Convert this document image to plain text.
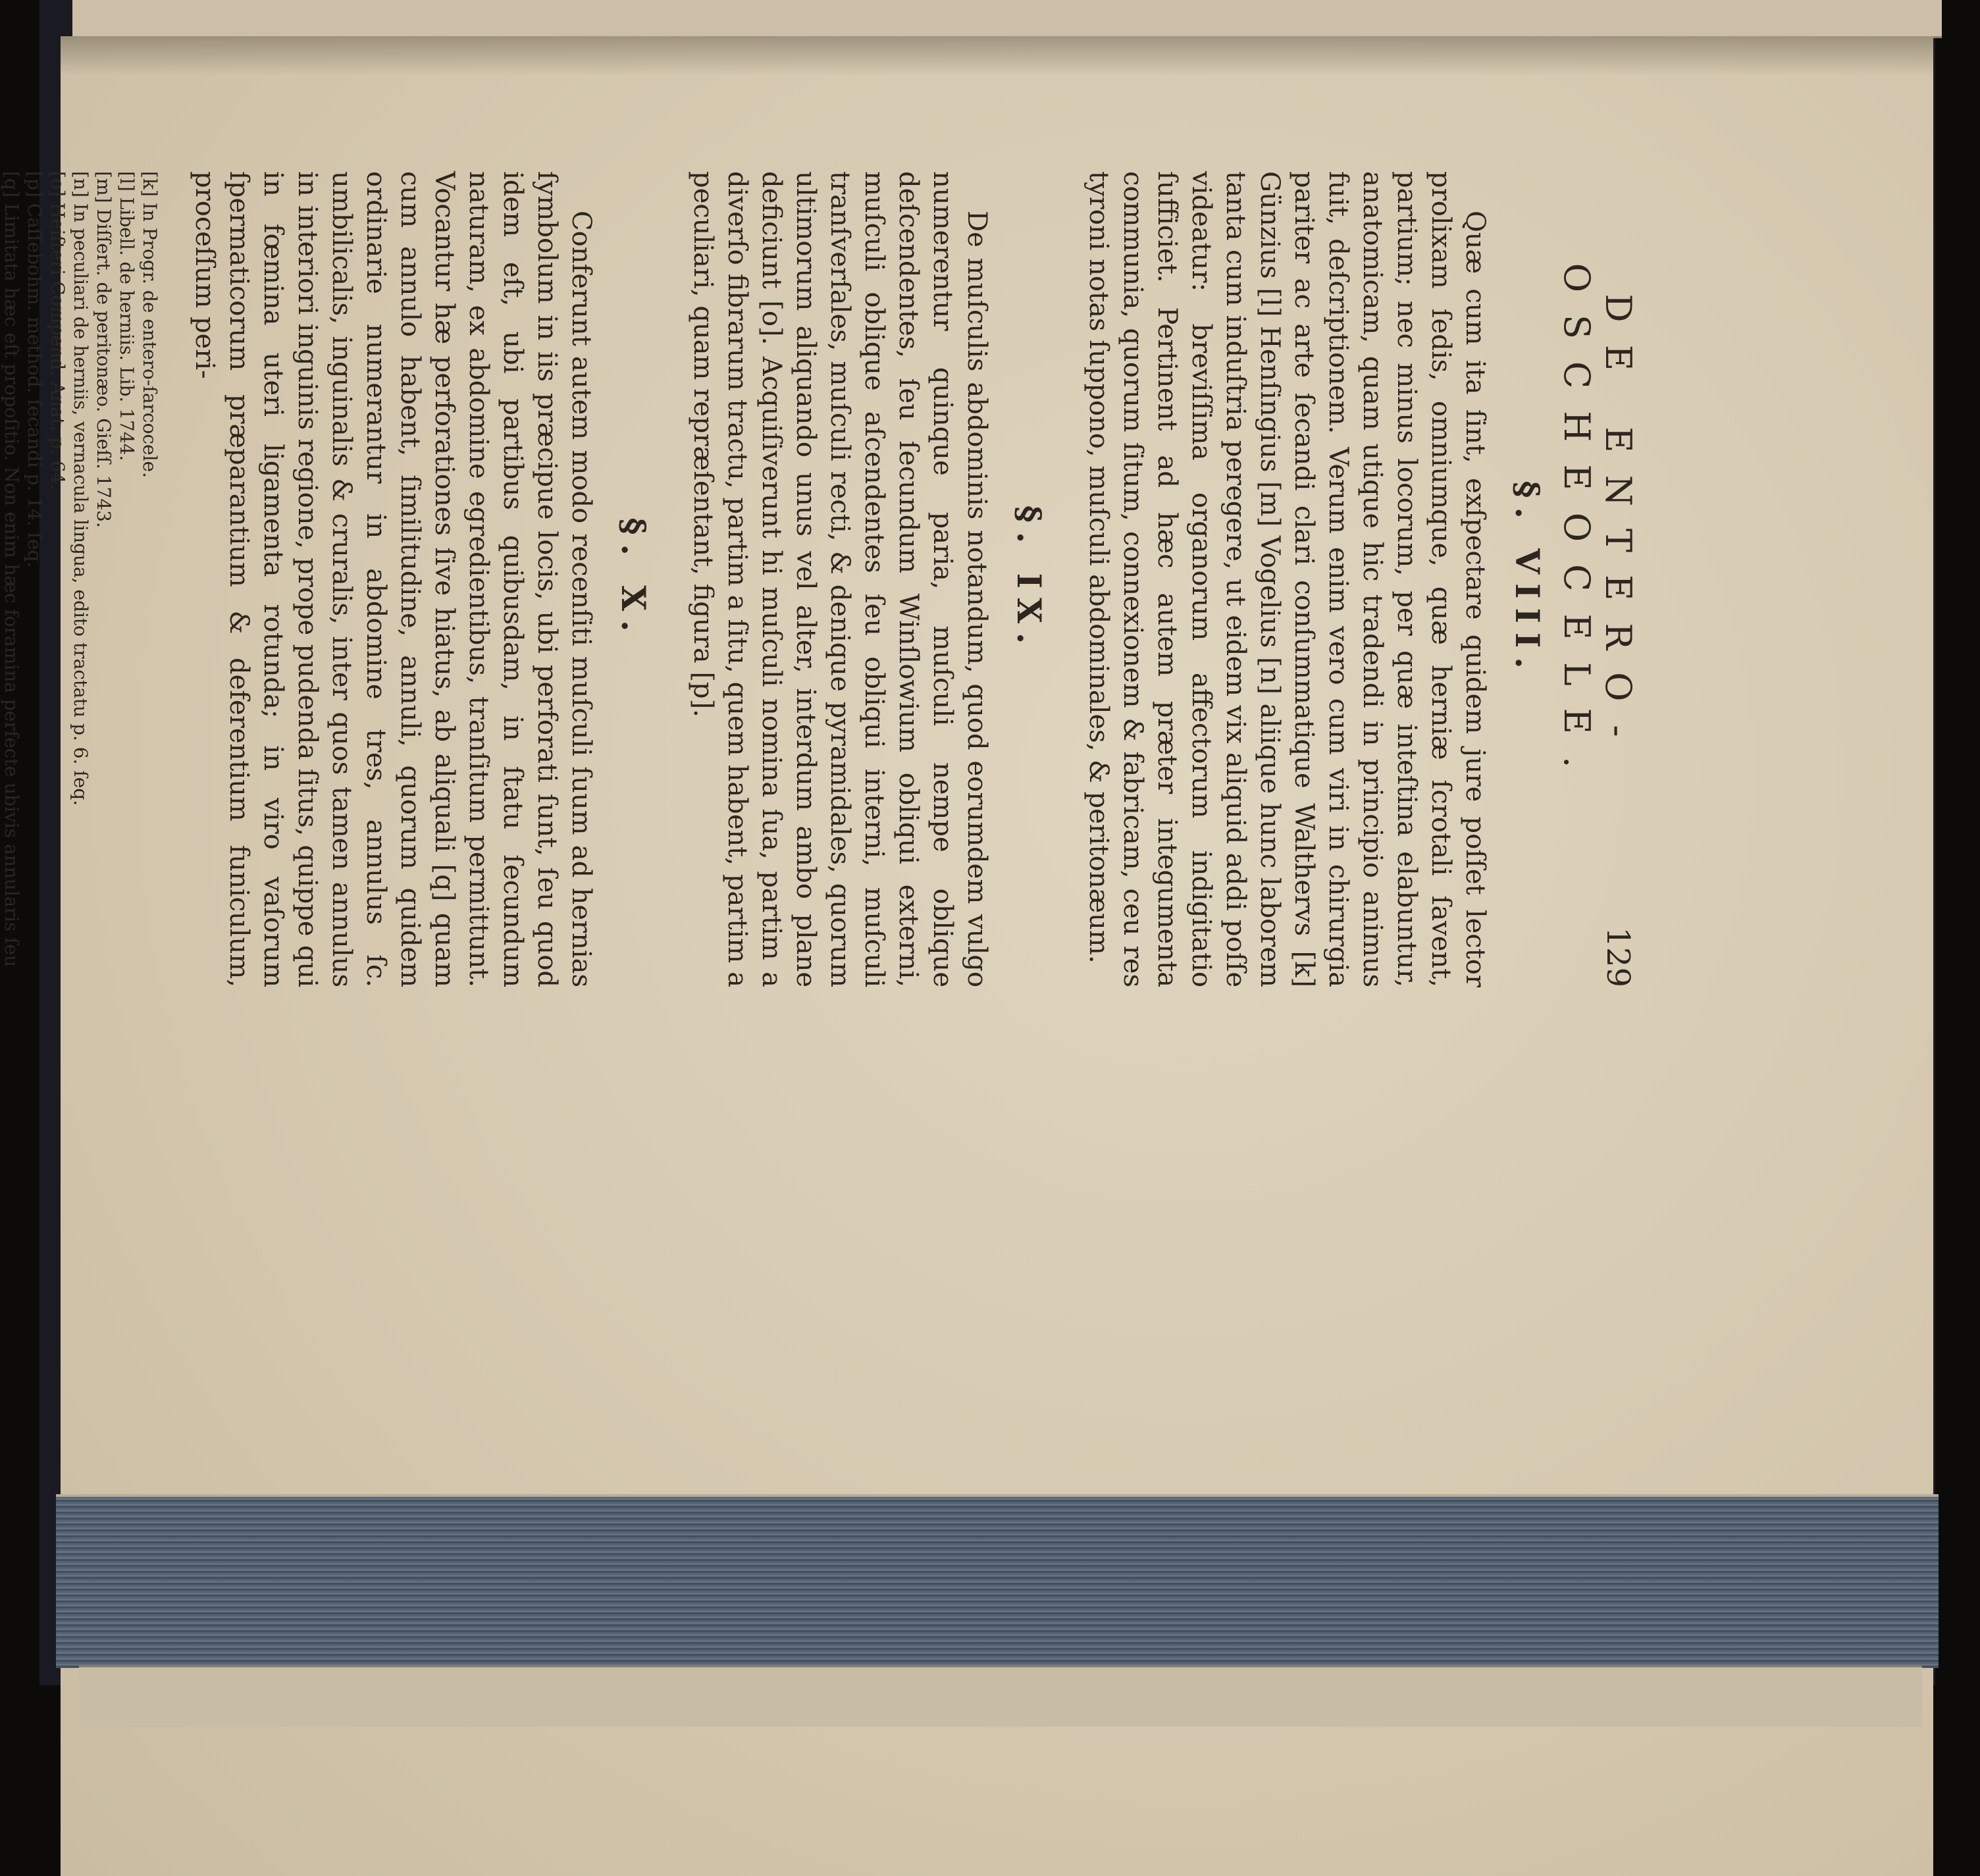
DE ENTERO-OSCHEOCELE.
129
§. VIII.

Quæ cum ita ſint, exſpectare quidem jure poſſet lector prolixam ſedis, omniumque, quæ herniæ ſcrotali ſavent, partium; nec minus locorum, per quæ inteſtina elabuntur, anatomicam, quam utique hic tradendi in principio animus fuit, deſcriptionem. Verum enim vero cum viri in chirurgia pariter ac arte ſecandi clari conſummatique Walthervs [k] Günzius [l] Henſingius [m] Vogelius [n] aliique hunc laborem tanta cum induſtria peregere, ut eidem vix aliquid addi poſſe videatur: breviſſima organorum affectorum indigitatio ſufficiet. Pertinent ad hæc autem præter integumenta communia, quorum ſitum, connexionem & fabricam, ceu res tyroni notas ſuppono, muſculi abdominales, & peritonæum.

§. IX.

De muſculis abdominis notandum, quod eorumdem vulgo numerentur quinque paria, muſculi nempe oblique deſcendentes, ſeu ſecundum Winſlowium obliqui externi, muſculi oblique aſcendentes ſeu obliqui interni, muſculi tranſverſales, muſculi recti, & denique pyramidales, quorum ultimorum aliquando unus vel alter, interdum ambo plane deficiunt [o]. Acquiſiverunt hi muſculi nomina ſua, partim a diverſo fibrarum tractu, partim a ſitu, quem habent, partim a peculiari, quam repræſentant, figura [p].

§. X.

Conferunt autem modo recenſiti muſculi ſuum ad hernias ſymbolum in iis præcipue locis, ubi perforati ſunt, ſeu quod idem eſt, ubi partibus quibusdam, in ſtatu ſecundum naturam, ex abdomine egredientibus, tranſitum permittunt. Vocantur hæ perforationes ſive hiatus, ab aliquali [q] quam cum annulo habent, ſimilitudine, annuli, quorum quidem ordinarie numerantur in abdomine tres, annulus ſc. umbilicalis, inguinalis & cruralis, inter quos tamen annulus in interiori inguinis regione, prope pudenda ſitus, quippe qui in fœmina uteri ligamenta rotunda; in viro vaſorum ſpermaticorum præparantium & deferentium funiculum, proceſſum peri-

[k] In Progr. de entero-ſarcocele.

[l] Libell. de herniis. Lib. 1744.

[m] Diſſert. de peritonæo. Gieſſ. 1743.

[n] In peculiari de herniis, vernacula lingua, edito tractatu p. 6. ſeq.

[o] Heiſteri Compend. Anat. p. 64.

[p] Caſſebohm. method. ſecandi p. 14. ſeq.

[q] Limitata hæc eſt propoſitio. Non enim hæc foramina perfecte ubivis annularis ſeu
